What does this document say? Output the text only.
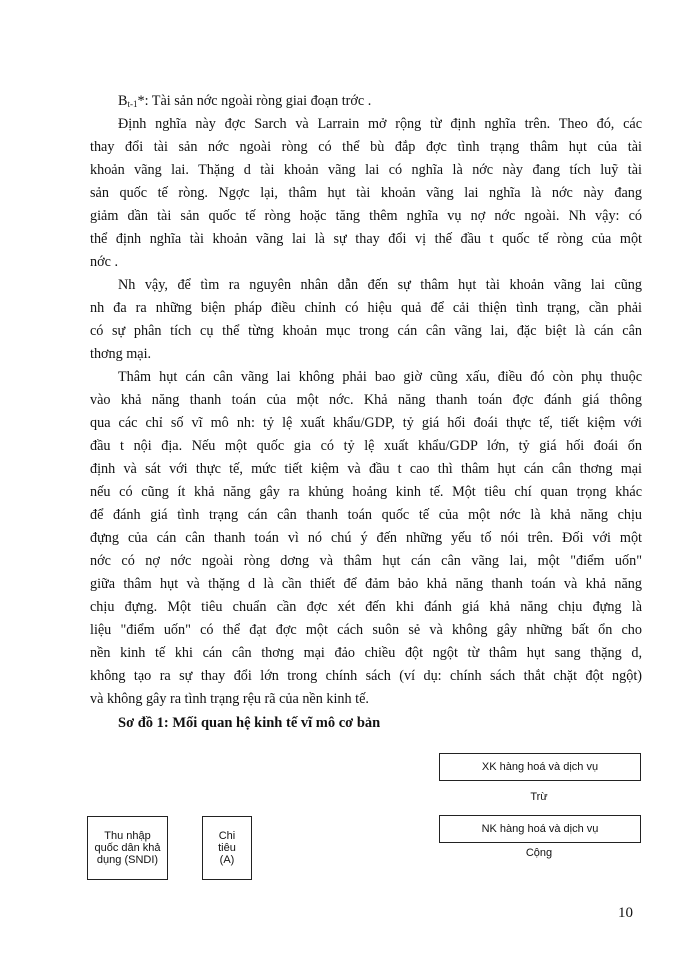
$B_{t-1}*$: Tài sản nớc ngoài ròng giai đoạn trớc .
Định nghĩa này đợc Sarch và Larrain mở rộng từ định nghĩa trên. Theo đó, các
thay đổi tài sản nớc ngoài ròng có thể bù đắp đợc tình trạng thâm hụt của tài
khoản vãng lai. Thặng d tài khoản vãng lai có nghĩa là nớc này đang tích luỹ tài
sản quốc tế ròng. Ngợc lại, thâm hụt tài khoản vãng lai nghĩa là nớc này đang
giảm dần tài sản quốc tế ròng hoặc tăng thêm nghĩa vụ nợ nớc ngoài. Nh vậy: có
thể định nghĩa tài khoản vãng lai là sự thay đổi vị thế đầu t quốc tế ròng của một
nớc .
Nh vậy, để tìm ra nguyên nhân dẫn đến sự thâm hụt tài khoản vãng lai cũng
nh đa ra những biện pháp điều chỉnh có hiệu quả để cải thiện tình trạng, cần phải
có sự phân tích cụ thể từng khoản mục trong cán cân vãng lai, đặc biệt là cán cân
thơng mại.
Thâm hụt cán cân vãng lai không phải bao giờ cũng xấu, điều đó còn phụ thuộc
vào khả năng thanh toán của một nớc. Khả năng thanh toán đợc đánh giá thông
qua các chỉ số vĩ mô nh: tỷ lệ xuất khẩu/GDP, tỷ giá hối đoái thực tế, tiết kiệm với
đầu t nội địa. Nếu một quốc gia có tỷ lệ xuất khẩu/GDP lớn, tỷ giá hối đoái ổn
định và sát với thực tế, mức tiết kiệm và đầu t cao thì thâm hụt cán cân thơng mại
nếu có cũng ít khả năng gây ra khủng hoảng kinh tế. Một tiêu chí quan trọng khác
để đánh giá tình trạng cán cân thanh toán quốc tế của một nớc là khả năng chịu
đựng của cán cân thanh toán vì nó chú ý đến những yếu tố nói trên. Đối với một
nớc có nợ nớc ngoài ròng dơng và thâm hụt cán cân vãng lai, một "điểm uốn"
giữa thâm hụt và thặng d là cần thiết để đảm bảo khả năng thanh toán và khả năng
chịu đựng. Một tiêu chuẩn cần đợc xét đến khi đánh giá khả năng chịu đựng là
liệu "điểm uốn" có thể đạt đợc một cách suôn sẻ và không gây những bất ổn cho
nền kinh tế khi cán cân thơng mại đảo chiều đột ngột từ thâm hụt sang thặng d,
không tạo ra sự thay đổi lớn trong chính sách (ví dụ: chính sách thắt chặt đột ngột)
và không gây ra tình trạng rệu rã của nền kinh tế.
Sơ đồ 1: Mối quan hệ kinh tế vĩ mô cơ bản
XK hàng hoá và dịch vụ
Trừ
NK hàng hoá và dịch vụ
Cộng
Thu nhập
quốc dân khả
dụng (SNDI)
Chi
tiêu
(A)
10
